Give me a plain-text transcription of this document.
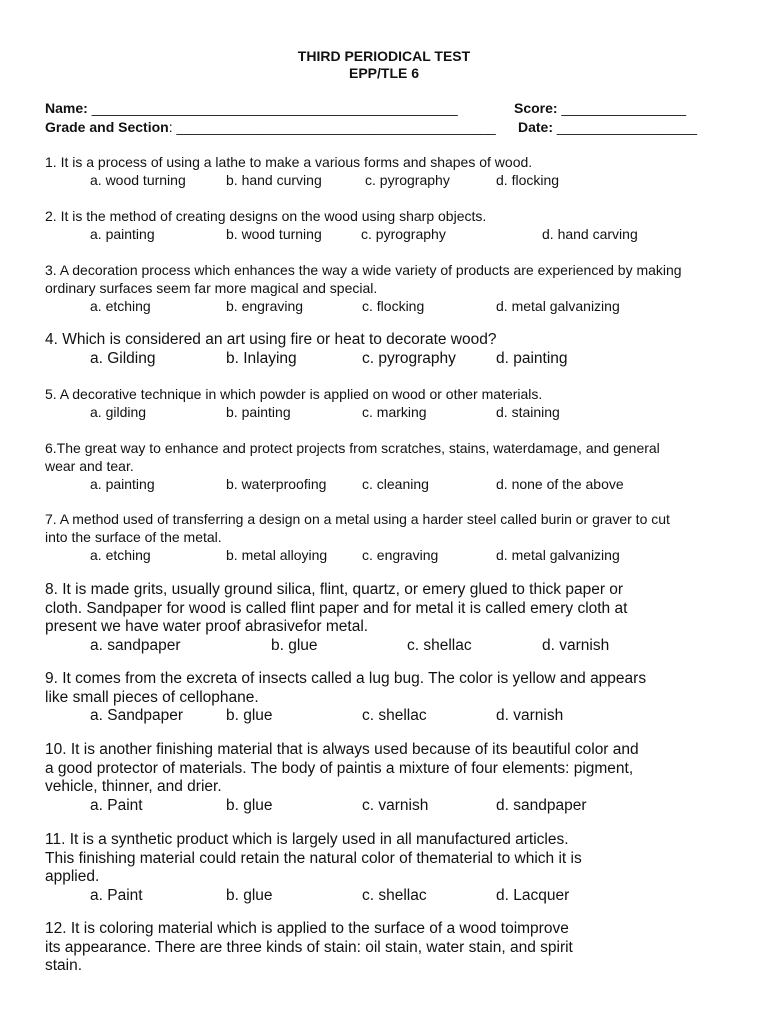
THIRD PERIODICAL TEST
EPP/TLE 6
Name: _______________________________________________	Score: ________________
Grade and Section: _________________________________________ Date: __________________
1. It is a process of using a lathe to make a various forms and shapes of wood.
a. wood turning	b. hand curving	c. pyrography	d. flocking
2. It is the method of creating designs on the wood using sharp objects.
a. painting	b. wood turning	c. pyrography	d. hand carving
3. A decoration process which enhances the way a wide variety of products are experienced by making
ordinary surfaces seem far more magical and special.
a. etching	b. engraving	c. flocking	d. metal galvanizing
4. Which is considered an art using fire or heat to decorate wood?
a. Gilding	b. Inlaying	c. pyrography	d. painting
5. A decorative technique in which powder is applied on wood or other materials.
a. gilding	b. painting	c. marking	d. staining
6.The great way to enhance and protect projects from scratches, stains, waterdamage, and general
wear and tear.
a. painting	b. waterproofing	c. cleaning	d. none of the above
7. A method used of transferring a design on a metal using a harder steel called burin or graver to cut
into the surface of the metal.
a. etching	b. metal alloying c. engraving	d. metal galvanizing
8. It is made grits, usually ground silica, flint, quartz, or emery glued to thick paper or
cloth. Sandpaper for wood is called flint paper and for metal it is called emery cloth at
present we have water proof abrasivefor metal.
a. sandpaper	b. glue	c. shellac	d. varnish
9. It comes from the excreta of insects called a lug bug. The color is yellow and appears
like small pieces of cellophane.
a. Sandpaper	b. glue	c. shellac	d. varnish
10. It is another finishing material that is always used because of its beautiful color and
a good protector of materials. The body of paintis a mixture of four elements: pigment,
vehicle, thinner, and drier.
a. Paint	b. glue	c. varnish	d. sandpaper
11. It is a synthetic product which is largely used in all manufactured articles.
This finishing material could retain the natural color of thematerial to which it is
applied.
a. Paint	b. glue	c. shellac	d. Lacquer
12. It is coloring material which is applied to the surface of a wood toimprove
its appearance. There are three kinds of stain: oil stain, water stain, and spirit
stain.
